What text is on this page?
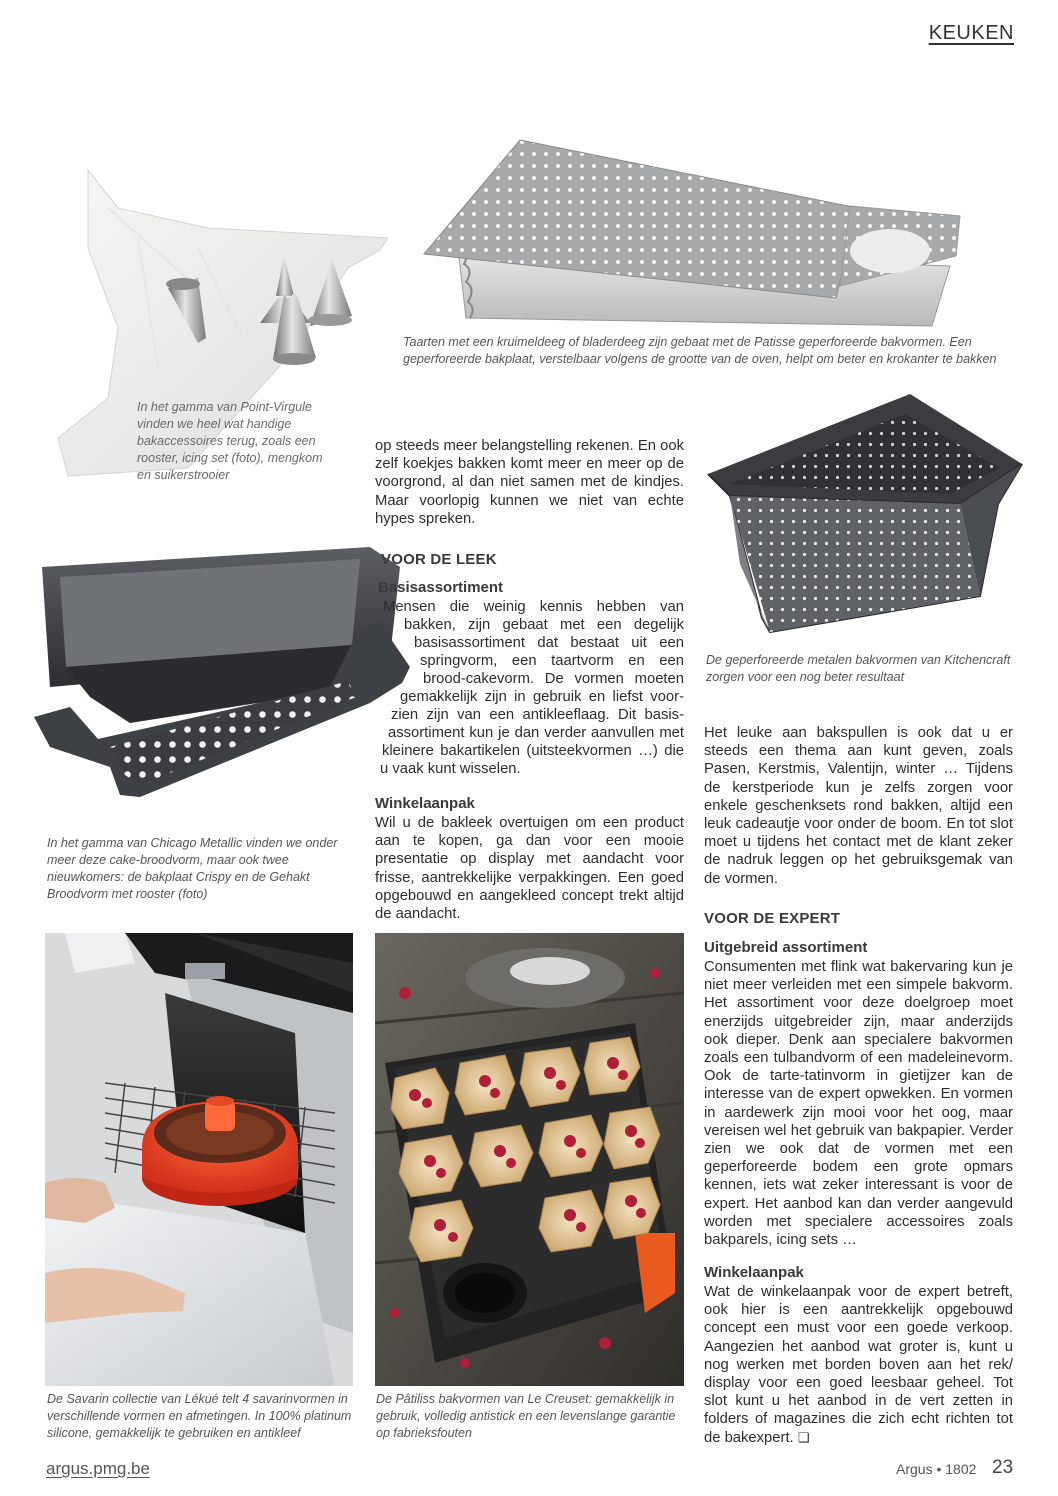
KEUKEN
In het gamma van Point-Virgule vinden we heel wat handige bakaccessoires terug, zoals een rooster, icing set (foto), mengkom en suikerstrooier
Taarten met een kruimeldeeg of bladerdeeg zijn gebaat met de Patisse geperforeerde bakvormen. Een geperforeerde bakplaat, verstelbaar volgens de grootte van de oven, helpt om beter en krokanter te bakken
op steeds meer belangstelling rekenen. En ook zelf koekjes bakken komt meer en meer op de voorgrond, al dan niet samen met de kindjes. Maar voorlopig kunnen we niet van echte hypes spreken.
De geperforeerde metalen bakvormen van Kitchencraft zorgen voor een nog beter resultaat
In het gamma van Chicago Metallic vinden we onder meer deze cake-broodvorm, maar ook twee nieuwkomers: de bakplaat Crispy en de Gehakt Broodvorm met rooster (foto)
VOOR DE LEEK
Basisassortiment
Mensen die weinig kennis hebben van
bakken, zijn gebaat met een degelijk
basisassortiment dat bestaat uit een
springvorm, een taartvorm en een
brood-cakevorm. De vormen moeten
gemakkelijk zijn in gebruik en liefst voor-
zien zijn van een antikleeflaag. Dit basis-
assortiment kun je dan verder aanvullen met
kleinere bakartikelen (uitsteekvormen …) die
u vaak kunt wisselen.
Winkelaanpak
Wil u de bakleek overtuigen om een product aan te kopen, ga dan voor een mooie presentatie op display met aandacht voor frisse, aantrekkelijke verpakkingen. Een goed opgebouwd en aangekleed concept trekt altijd de aandacht.
Het leuke aan bakspullen is ook dat u er steeds een thema aan kunt geven, zoals Pasen, Kerstmis, Valentijn, winter … Tijdens de kerstperiode kun je zelfs zorgen voor enkele geschenksets rond bakken, altijd een leuk cadeautje voor onder de boom. En tot slot moet u tijdens het contact met de klant zeker de nadruk leggen op het gebruiksgemak van de vormen.
VOOR DE EXPERT
Uitgebreid assortiment
Consumenten met flink wat bakervaring kun je niet meer verleiden met een simpele bakvorm. Het assortiment voor deze doelgroep moet enerzijds uitgebreider zijn, maar anderzijds ook dieper. Denk aan specialere bakvormen zoals een tulbandvorm of een madeleinevorm. Ook de tarte-tatinvorm in gietijzer kan de interesse van de expert opwekken. En vormen in aardewerk zijn mooi voor het oog, maar vereisen wel het gebruik van bakpapier. Verder zien we ook dat de vormen met een geperforeerde bodem een grote opmars kennen, iets wat zeker interessant is voor de expert. Het aanbod kan dan verder aangevuld worden met specialere accessoires zoals bakparels, icing sets …
Winkelaanpak
Wat de winkelaanpak voor de expert betreft, ook hier is een aantrekkelijk opgebouwd concept een must voor een goede verkoop. Aangezien het aanbod wat groter is, kunt u nog werken met borden boven aan het rek/ display voor een goed leesbaar geheel. Tot slot kunt u het aanbod in de vert zetten in folders of magazines die zich echt richten tot de bakexpert. ❏
De Savarin collectie van Lékué telt 4 savarinvormen in verschillende vormen en afmetingen. In 100% platinum silicone, gemakkelijk te gebruiken en antikleef
De Pâtiliss bakvormen van Le Creuset: gemakkelijk in gebruik, volledig antistick en een levenslange garantie op fabrieksfouten
argus.pmg.be	Argus • 1802 23
